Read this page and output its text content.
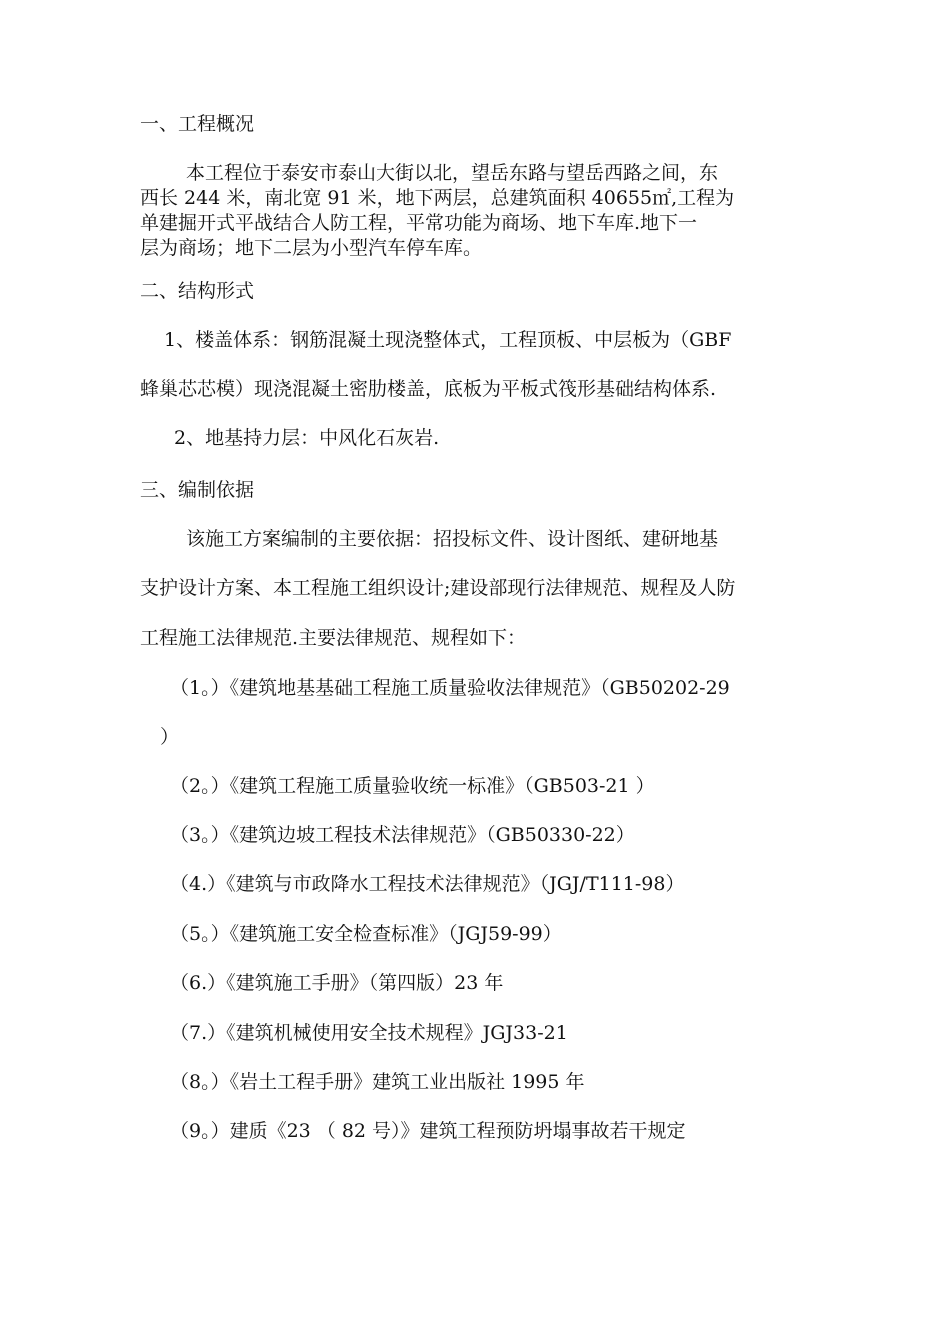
一、工程概况
本工程位于泰安市泰山大街以北，望岳东路与望岳西路之间，东
西长 244 米，南北宽 91 米，地下两层，总建筑面积 40655㎡,工程为
单建掘开式平战结合人防工程，平常功能为商场、地下车库.地下一
层为商场；地下二层为小型汽车停车库。
二、结构形式
1、楼盖体系：钢筋混凝土现浇整体式，工程顶板、中层板为（GBF
蜂巢芯芯模）现浇混凝土密肋楼盖，底板为平板式筏形基础结构体系.
2、地基持力层：中风化石灰岩.
三、编制依据
该施工方案编制的主要依据：招投标文件、设计图纸、建研地基
支护设计方案、本工程施工组织设计;建设部现行法律规范、规程及人防
工程施工法律规范.主要法律规范、规程如下：
（1。）《建筑地基基础工程施工质量验收法律规范》（GB50202-29
）
（2。）《建筑工程施工质量验收统一标准》（GB503-21 ）
（3。）《建筑边坡工程技术法律规范》（GB50330-22）
（4.）《建筑与市政降水工程技术法律规范》（JGJ/T111-98）
（5。）《建筑施工安全检查标准》（JGJ59-99）
（6.）《建筑施工手册》（第四版）23 年
（7.）《建筑机械使用安全技术规程》JGJ33-21
（8。）《岩土工程手册》建筑工业出版社 1995 年
（9。）建质《23 （ 82 号）》建筑工程预防坍塌事故若干规定
